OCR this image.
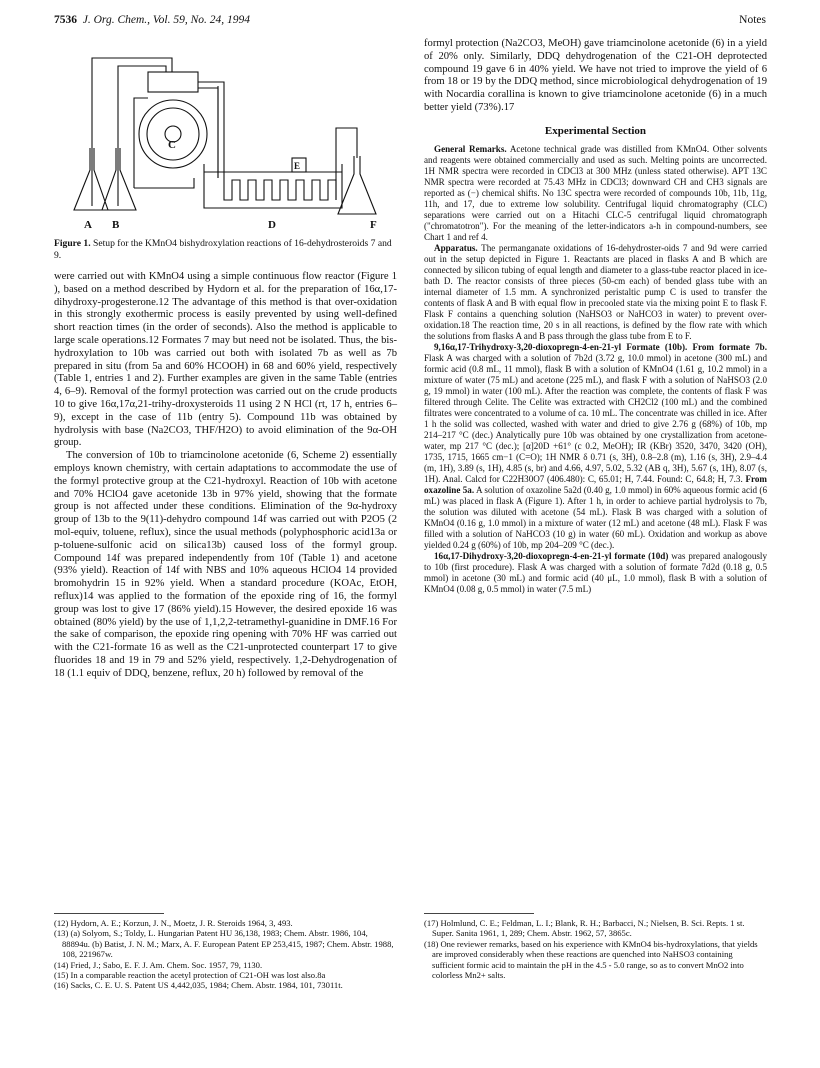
7536 J. Org. Chem., Vol. 59, No. 24, 1994	Notes
A B
C
D
E
F
Figure 1. Setup for the KMnO4 bishydroxylation reactions of 16-dehydrosteroids 7 and 9.

were carried out with KMnO4 using a simple continuous flow reactor (Figure 1 ), based on a method described by Hydorn et al. for the preparation of 16α,17-dihydroxy-progesterone.12 The advantage of this method is that over-oxidation in this strongly exothermic process is easily prevented by using well-defined short reaction times (in the order of seconds). Also the method is applicable to large scale operations.12 Formates 7 may but need not be isolated. Thus, the bis-hydroxylation to 10b was carried out both with isolated 7b as well as 7b prepared in situ (from 5a and 60% HCOOH) in 68 and 60% yield, respectively (Table 1, entries 1 and 2). Further examples are given in the same Table (entries 4, 6–9). Removal of the formyl protection was carried out on the crude products 10 to give 16α,17α,21-trihy-droxysteroids 11 using 2 N HCl (rt, 17 h, entries 6–9), except in the case of 11b (entry 5). Compound 11b was obtained by hydrolysis with base (Na2CO3, THF/H2O) to avoid elimination of the 9α-OH group.

The conversion of 10b to triamcinolone acetonide (6, Scheme 2) essentially employs known chemistry, with certain adaptations to accommodate the use of the formyl protective group at the C21-hydroxyl. Reaction of 10b with acetone and 70% HClO4 gave acetonide 13b in 97% yield, showing that the formate group is not affected under these conditions. Elimination of the 9α-hydroxy group of 13b to the 9(11)-dehydro compound 14f was carried out with P2O5 (2 mol-equiv, toluene, reflux), since the usual methods (polyphosphoric acid13a or p-toluene-sulfonic acid on silica13b) caused loss of the formyl group. Compound 14f was prepared independently from 10f (Table 1) and acetone (93% yield). Reaction of 14f with NBS and 10% aqueous HClO4 14 provided bromohydrin 15 in 92% yield. When a standard procedure (KOAc, EtOH, reflux)14 was applied to the formation of the epoxide ring of 16, the formyl group was lost to give 17 (86% yield).15 However, the desired epoxide 16 was obtained (80% yield) by the use of 1,1,2,2-tetramethyl-guanidine in DMF.16 For the sake of comparison, the epoxide ring opening with 70% HF was carried out with the C21-formate 16 as well as the C21-unprotected counterpart 17 to give fluorides 18 and 19 in 79 and 52% yield, respectively. 1,2-Dehydrogenation of 18 (1.1 equiv of DDQ, benzene, reflux, 20 h) followed by removal of the

formyl protection (Na2CO3, MeOH) gave triamcinolone acetonide (6) in a yield of 20% only. Similarly, DDQ dehydrogenation of the C21-OH deprotected compound 19 gave 6 in 40% yield. We have not tried to improve the yield of 6 from 18 or 19 by the DDQ method, since microbiological dehydrogenation of 19 with Nocardia corallina is known to give triamcinolone acetonide (6) in a much better yield (73%).17

Experimental Section

General Remarks. Acetone technical grade was distilled from KMnO4. Other solvents and reagents were obtained commercially and used as such. Melting points are uncorrected. 1H NMR spectra were recorded in CDCl3 at 300 MHz (unless stated otherwise). APT 13C NMR spectra were recorded at 75.43 MHz in CDCl3; downward CH and CH3 signals are reported as (−) chemical shifts. No 13C spectra were recorded of compounds 10b, 11b, 11g, 11h, and 17, due to extreme low solubility. Centrifugal liquid chromatography (CLC) separations were carried out on a Hitachi CLC-5 centrifugal liquid chromatograph ("chromatotron"). For the meaning of the letter-indicators a-h in compound-numbers, see Chart 1 and ref 4.

Apparatus. The permanganate oxidations of 16-dehydroster-oids 7 and 9d were carried out in the setup depicted in Figure 1. Reactants are placed in flasks A and B which are connected by silicon tubing of equal length and diameter to a glass-tube reactor placed in ice-bath D. The reactor consists of three pieces (50-cm each) of bended glass tube with an internal diameter of 1.5 mm. A synchronized peristaltic pump C is used to transfer the contents of flask A and B with equal flow in precooled state via the mixing point E to flask F. Flask F contains a quenching solution (NaHSO3 or NaHCO3 in water) to prevent over-oxidation.18 The reaction time, 20 s in all reactions, is defined by the flow rate with which the solutions from flasks A and B pass through the glass tube from E to F.

9,16α,17-Trihydroxy-3,20-dioxopregn-4-en-21-yl Formate (10b). From formate 7b. Flask A was charged with a solution of 7b2d (3.72 g, 10.0 mmol) in acetone (300 mL) and formic acid (0.8 mL, 11 mmol), flask B with a solution of KMnO4 (1.61 g, 10.2 mmol) in a mixture of water (75 mL) and acetone (225 mL), and flask F with a solution of NaHSO3 (2.0 g, 19 mmol) in water (100 mL). After the reaction was complete, the contents of flask F was filtered through Celite. The Celite was extracted with CH2Cl2 (100 mL) and the combined filtrates were concentrated to a volume of ca. 10 mL. The concentrate was chilled in ice. After 1 h the solid was collected, washed with water and dried to give 2.76 g (68%) of 10b, mp 214–217 °C (dec.) Analytically pure 10b was obtained by one crystallization from acetone-water, mp 217 °C (dec.); [α]20D +61° (c 0.2, MeOH); IR (KBr) 3520, 3470, 3420 (OH), 1735, 1715, 1665 cm−1 (C=O); 1H NMR δ 0.71 (s, 3H), 0.8–2.8 (m), 1.16 (s, 3H), 2.9–4.4 (m, 1H), 3.89 (s, 1H), 4.85 (s, br) and 4.66, 4.97, 5.02, 5.32 (AB q, 3H), 5.67 (s, 1H), 8.07 (s, 1H). Anal. Calcd for C22H30O7 (406.480): C, 65.01; H, 7.44. Found: C, 64.8; H, 7.3. From oxazoline 5a. A solution of oxazoline 5a2d (0.40 g, 1.0 mmol) in 60% aqueous formic acid (6 mL) was placed in flask A (Figure 1). After 1 h, in order to achieve partial hydrolysis to 7b, the solution was diluted with acetone (54 mL). Flask B was charged with a solution of KMnO4 (0.16 g, 1.0 mmol) in a mixture of water (12 mL) and acetone (48 mL). Flask F was filled with a solution of NaHCO3 (10 g) in water (60 mL). Oxidation and workup as above yielded 0.24 g (60%) of 10b, mp 204–209 °C (dec.).

16α,17-Dihydroxy-3,20-dioxopregn-4-en-21-yl formate (10d) was prepared analogously to 10b (first procedure). Flask A was charged with a solution of formate 7d2d (0.18 g, 0.5 mmol) in acetone (30 mL) and formic acid (40 μL, 1.0 mmol), flask B with a solution of KMnO4 (0.08 g, 0.5 mmol) in water (7.5 mL)

(12) Hydorn, A. E.; Korzun, J. N., Moetz, J. R. Steroids 1964, 3, 493.

(13) (a) Solyom, S.; Toldy, L. Hungarian Patent HU 36,138, 1983; Chem. Abstr. 1986, 104, 88894u. (b) Batist, J. N. M.; Marx, A. F. European Patent EP 253,415, 1987; Chem. Abstr. 1988, 108, 221967w.

(14) Fried, J.; Sabo, E. F. J. Am. Chem. Soc. 1957, 79, 1130.

(15) In a comparable reaction the acetyl protection of C21-OH was lost also.8a

(16) Sacks, C. E. U. S. Patent US 4,442,035, 1984; Chem. Abstr. 1984, 101, 73011t.

(17) Holmlund, C. E.; Feldman, L. I.; Blank, R. H.; Barbacci, N.; Nielsen, B. Sci. Repts. 1 st. Super. Sanita 1961, 1, 289; Chem. Abstr. 1962, 57, 3865c.

(18) One reviewer remarks, based on his experience with KMnO4 bis-hydroxylations, that yields are improved considerably when these reactions are quenched into NaHSO3 containing sufficient formic acid to maintain the pH in the 4.5 - 5.0 range, so as to convert MnO2 into colorless Mn2+ salts.
